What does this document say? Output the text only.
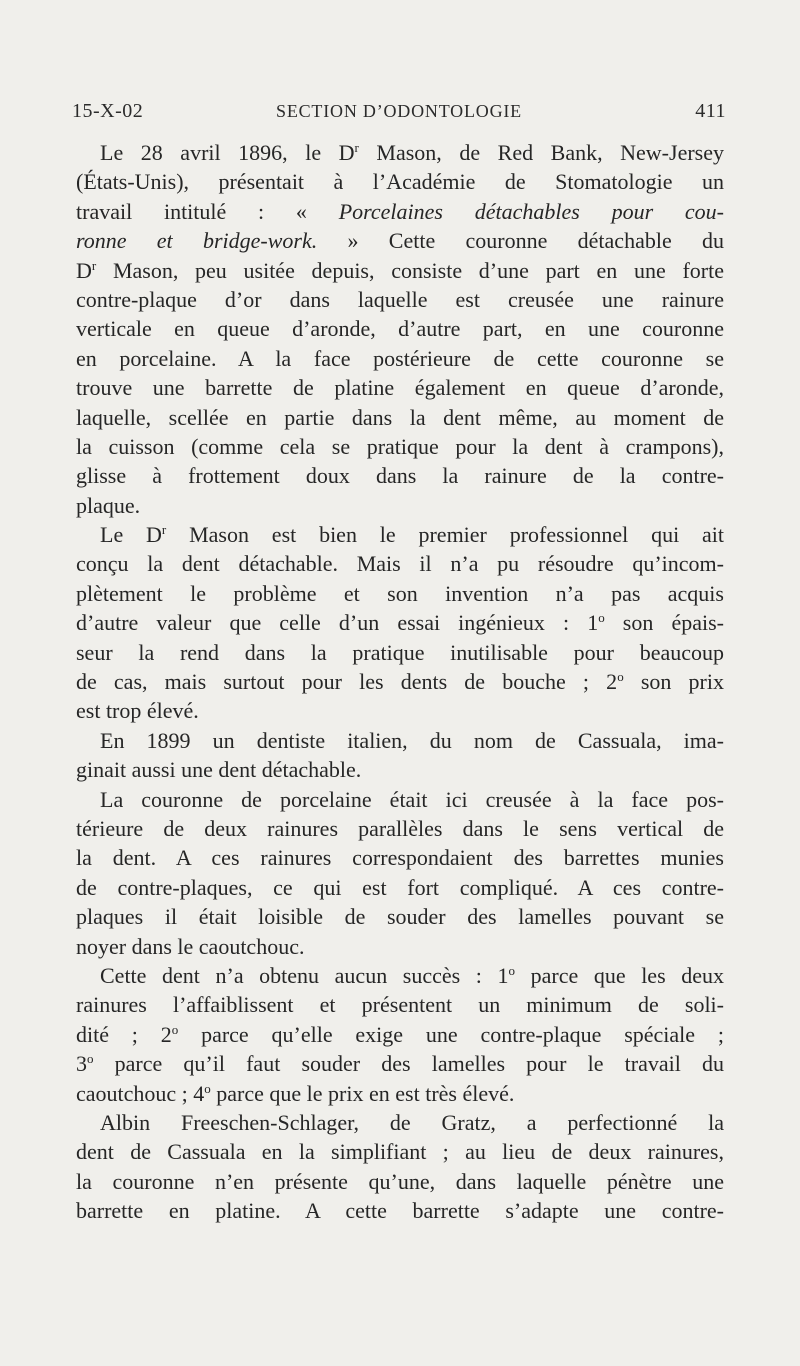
15-X-02	SECTION D’ODONTOLOGIE	411
Le 28 avril 1896, le $D^r$ Mason, de Red Bank, New-Jersey
(États-Unis), présentait à l’Académie de Stomatologie un
travail intitulé : « Porcelaines détachables pour cou-
ronne et bridge-work. » Cette couronne détachable du
$D^r$ Mason, peu usitée depuis, consiste d’une part en une forte
contre-plaque d’or dans laquelle est creusée une rainure
verticale en queue d’aronde, d’autre part, en une couronne
en porcelaine. A la face postérieure de cette couronne se
trouve une barrette de platine également en queue d’aronde,
laquelle, scellée en partie dans la dent même, au moment de
la cuisson (comme cela se pratique pour la dent à crampons),
glisse à frottement doux dans la rainure de la contre-
plaque.
Le $D^r$ Mason est bien le premier professionnel qui ait
conçu la dent détachable. Mais il n’a pu résoudre qu’incom-
plètement le problème et son invention n’a pas acquis
d’autre valeur que celle d’un essai ingénieux : 1$^o$ son épais-
seur la rend dans la pratique inutilisable pour beaucoup
de cas, mais surtout pour les dents de bouche ; 2$^o$ son prix
est trop élevé.
En 1899 un dentiste italien, du nom de Cassuala, ima-
ginait aussi une dent détachable.
La couronne de porcelaine était ici creusée à la face pos-
térieure de deux rainures parallèles dans le sens vertical de
la dent. A ces rainures correspondaient des barrettes munies
de contre-plaques, ce qui est fort compliqué. A ces contre-
plaques il était loisible de souder des lamelles pouvant se
noyer dans le caoutchouc.
Cette dent n’a obtenu aucun succès : 1$^o$ parce que les deux
rainures l’affaiblissent et présentent un minimum de soli-
dité ; 2$^o$ parce qu’elle exige une contre-plaque spéciale ;
3$^o$ parce qu’il faut souder des lamelles pour le travail du
caoutchouc ; 4$^o$ parce que le prix en est très élevé.
Albin Freeschen-Schlager, de Gratz, a perfectionné la
dent de Cassuala en la simplifiant ; au lieu de deux rainures,
la couronne n’en présente qu’une, dans laquelle pénètre une
barrette en platine. A cette barrette s’adapte une contre-
